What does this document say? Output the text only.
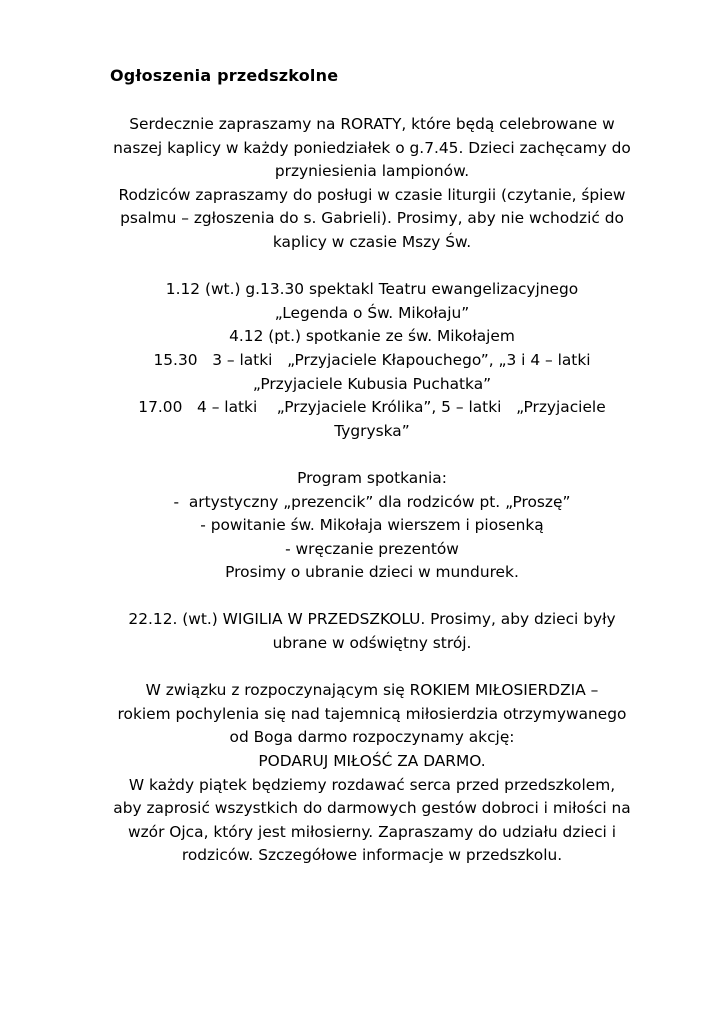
Ogłoszenia przedszkolne

Serdecznie zapraszamy na RORATY, które będą celebrowane w

naszej kaplicy w każdy poniedziałek o g.7.45. Dzieci zachęcamy do

przyniesienia lampionów.

Rodziców zapraszamy do posługi w czasie liturgii (czytanie, śpiew

psalmu – zgłoszenia do s. Gabrieli). Prosimy, aby nie wchodzić do

kaplicy w czasie Mszy Św.

1.12 (wt.) g.13.30 spektakl Teatru ewangelizacyjnego

„Legenda o Św. Mikołaju”

4.12 (pt.) spotkanie ze św. Mikołajem

15.30   3 – latki   „Przyjaciele Kłapouchego”, „3 i 4 – latki

„Przyjaciele Kubusia Puchatka”

17.00   4 – latki    „Przyjaciele Królika”, 5 – latki   „Przyjaciele

Tygryska”

Program spotkania:

-  artystyczny „prezencik” dla rodziców pt. „Proszę”

- powitanie św. Mikołaja wierszem i piosenką

- wręczanie prezentów

Prosimy o ubranie dzieci w mundurek.

22.12. (wt.) WIGILIA W PRZEDSZKOLU. Prosimy, aby dzieci były

ubrane w odświętny strój.

W związku z rozpoczynającym się ROKIEM MIŁOSIERDZIA –

rokiem pochylenia się nad tajemnicą miłosierdzia otrzymywanego

od Boga darmo rozpoczynamy akcję:

PODARUJ MIŁOŚĆ ZA DARMO.

W każdy piątek będziemy rozdawać serca przed przedszkolem,

aby zaprosić wszystkich do darmowych gestów dobroci i miłości na

wzór Ojca, który jest miłosierny. Zapraszamy do udziału dzieci i

rodziców. Szczegółowe informacje w przedszkolu.
